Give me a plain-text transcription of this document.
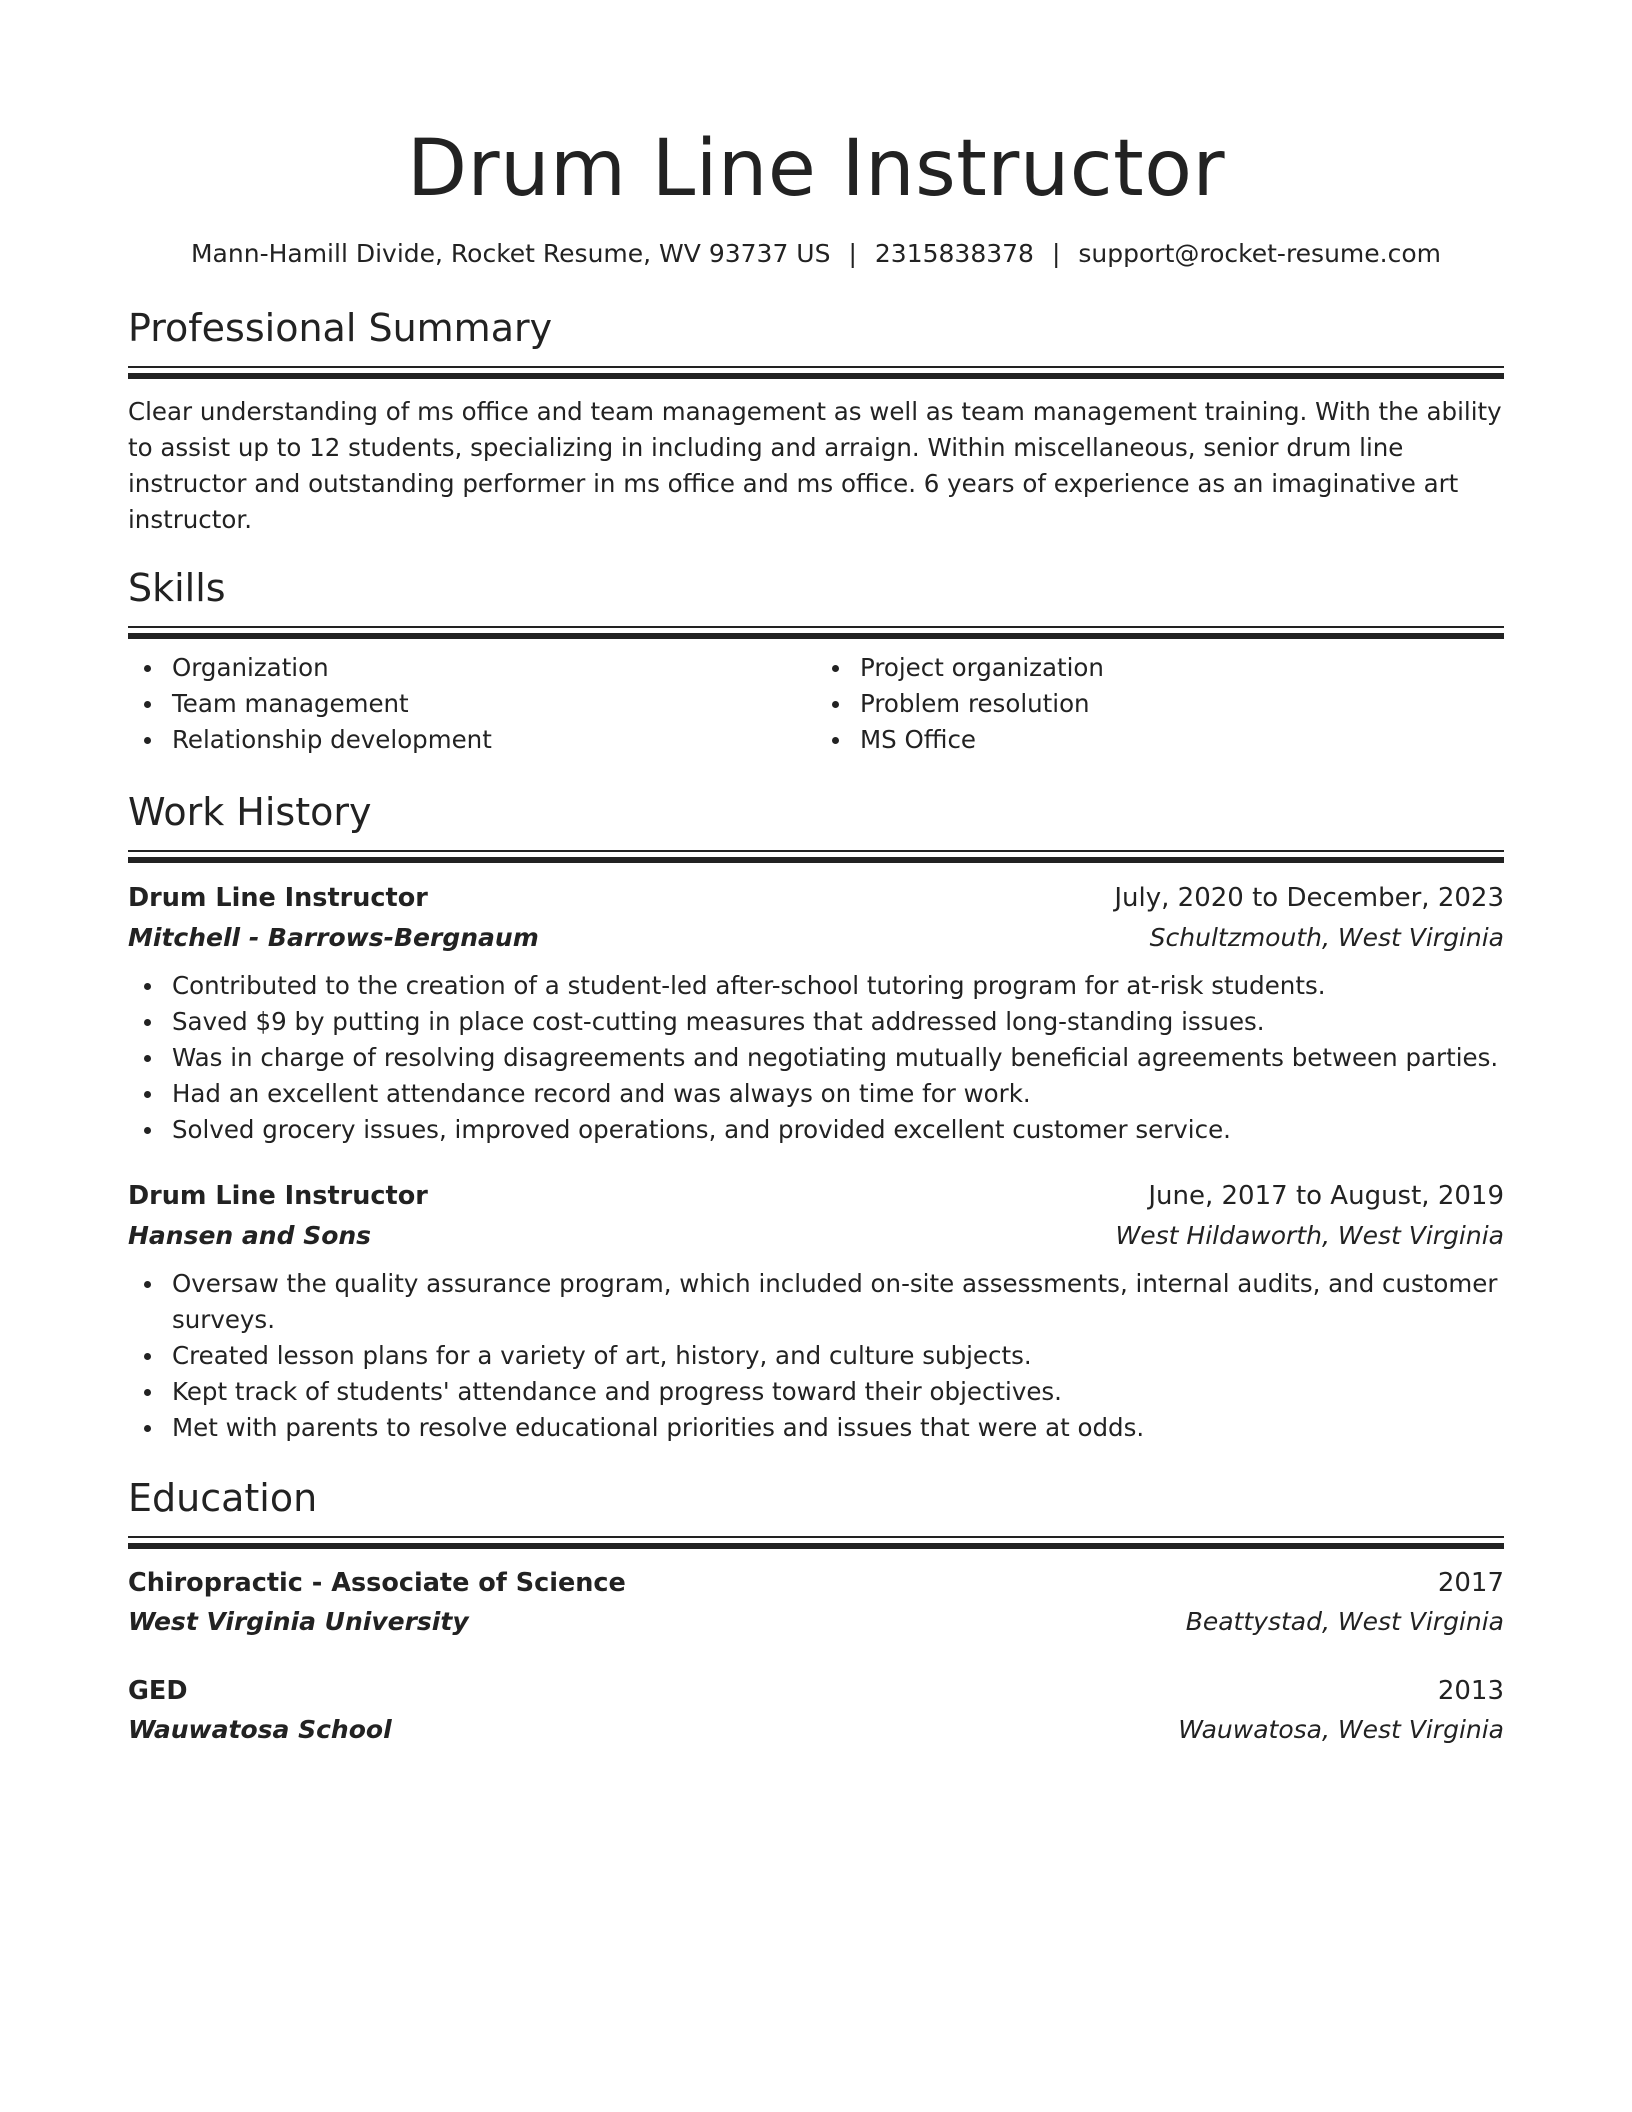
Drum Line Instructor
Mann-Hamill Divide, Rocket Resume, WV 93737 US | 2315838378 | support@rocket-resume.com
Professional Summary
Clear understanding of ms office and team management as well as team management training. With the ability to assist up to 12 students, specializing in including and arraign. Within miscellaneous, senior drum line instructor and outstanding performer in ms office and ms office. 6 years of experience as an imaginative art instructor.
Skills
Organization
Team management
Relationship development
Project organization
Problem resolution
MS Office
Work History
Drum Line Instructor	July, 2020 to December, 2023
Mitchell - Barrows-Bergnaum	Schultzmouth, West Virginia
Contributed to the creation of a student-led after-school tutoring program for at-risk students.
Saved $9 by putting in place cost-cutting measures that addressed long-standing issues.
Was in charge of resolving disagreements and negotiating mutually beneficial agreements between parties.
Had an excellent attendance record and was always on time for work.
Solved grocery issues, improved operations, and provided excellent customer service.
Drum Line Instructor	June, 2017 to August, 2019
Hansen and Sons	West Hildaworth, West Virginia
Oversaw the quality assurance program, which included on-site assessments, internal audits, and customer surveys.
Created lesson plans for a variety of art, history, and culture subjects.
Kept track of students' attendance and progress toward their objectives.
Met with parents to resolve educational priorities and issues that were at odds.
Education
Chiropractic - Associate of Science	2017
West Virginia University	Beattystad, West Virginia
GED	2013
Wauwatosa School	Wauwatosa, West Virginia
